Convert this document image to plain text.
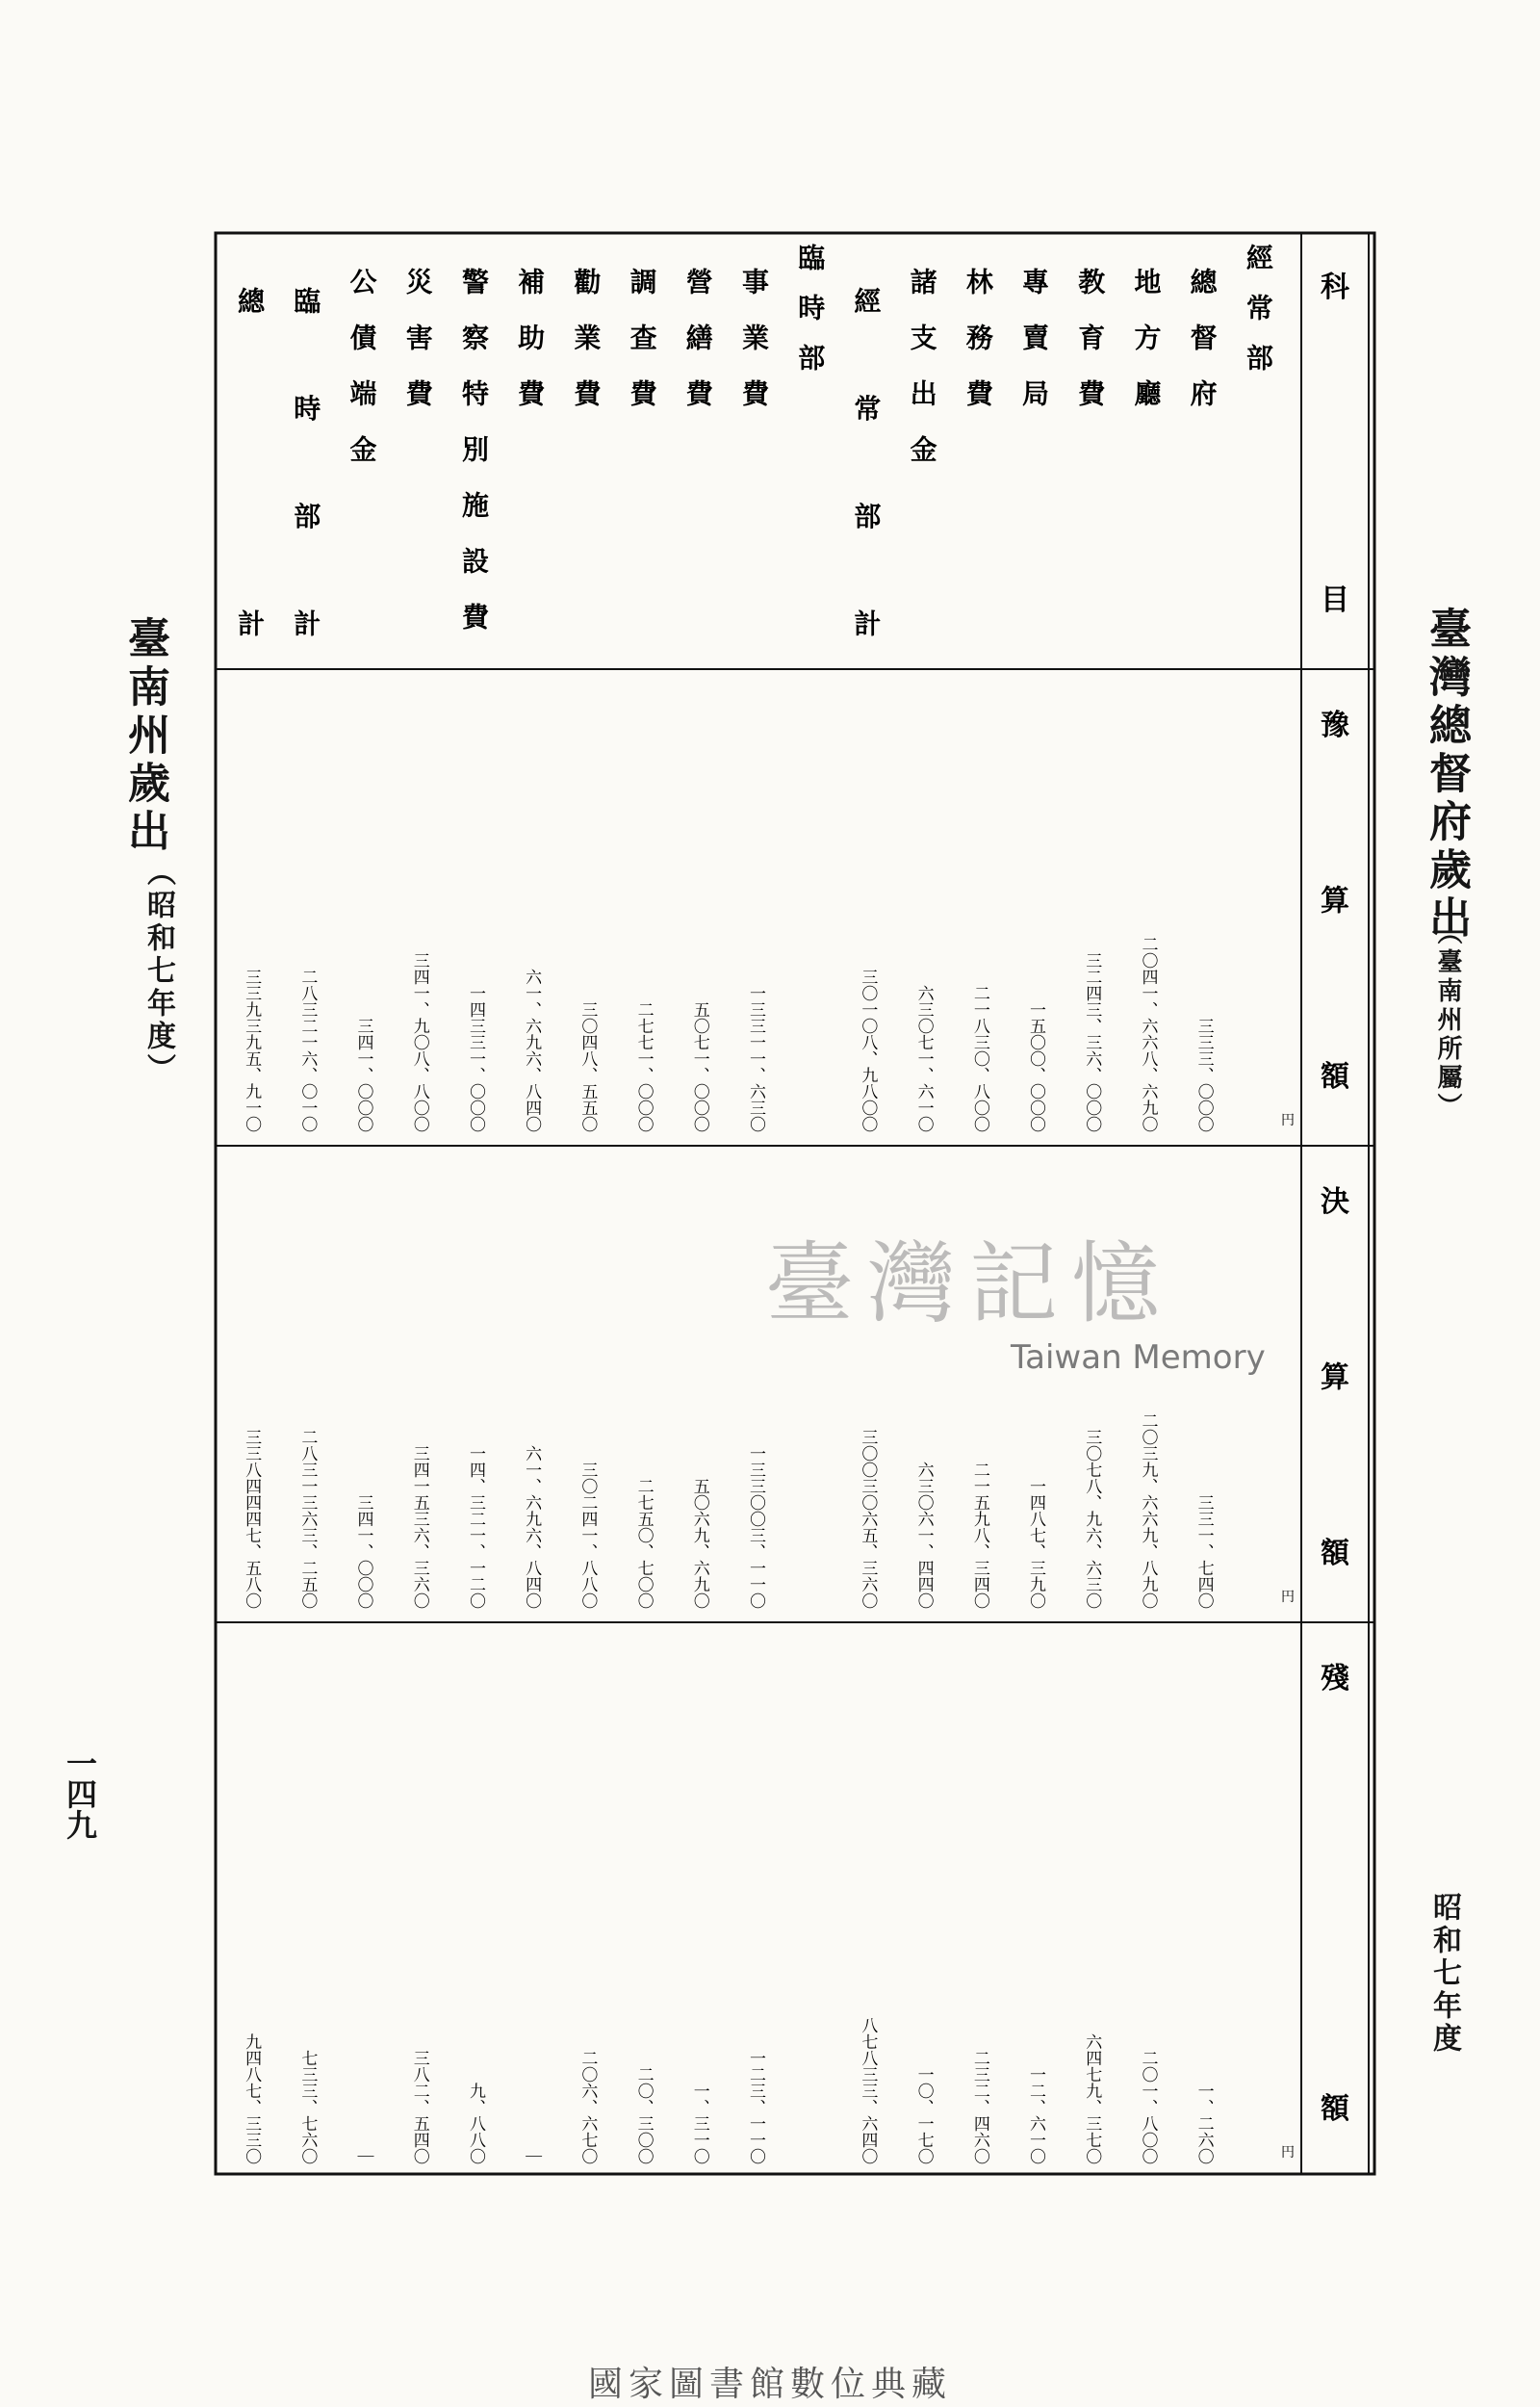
臺南州歲出
（昭和七年度）
一四九
臺灣總督府歲出
（臺南州所屬）
昭和七年度
科
目
豫
算
額
円
決
算
額
円
殘
額
円
經
常
部
總
督
府
三三三、〇〇〇
三三一、七四〇
一、二六〇
地
方
廳
二〇四一、六六八、六九〇
二〇三九、六六九、八九〇
二〇一、八〇〇
教
育
費
三二四三、三六、〇〇〇
三〇七八、九六、六三〇
六四七九、三七〇
專
賣
局
一五〇〇、〇〇〇
一四八七、三九〇
一二、六一〇
林
務
費
二一八三〇、八〇〇
二一五九八、三四〇
二三二、四六〇
諸
支
出
金
六三〇七一、六一〇
六三〇六一、四四〇
一〇、一七〇
經
常
部
計
三〇一〇八、九八〇〇
三〇〇三〇六五、三六〇
八七八三三、六四〇
臨
時
部
事
業
費
一三三一一、六三〇
一三三〇〇三、一一〇
一二三、一一〇
營
繕
費
五〇七一、〇〇〇
五〇六九、六九〇
一、三一〇
調
查
費
二七七一、〇〇〇
二七五〇、七〇〇
二〇、三〇〇
勸
業
費
三〇四八、五五〇
三〇二四一、八八〇
二〇六、六七〇
補
助
費
六一、六九六、八四〇
六一、六九六、八四〇
｜
警
察
特
別
施
設
費
一四三三一、〇〇〇
一四、三二一、一二〇
九、八八〇
災
害
費
三四一、九〇八、八〇〇
三四一五三六、三六〇
三八二、五四〇
公
債
端
金
三四一、〇〇〇
三四一、〇〇〇
｜
臨
時
部
計
二八三二一六、〇一〇
二八三一三六三、二五〇
七三三、七六〇
總
計
三三九三九五、九一〇
三三八四四四七、五八〇
九四八七、三三〇
臺灣記憶
Taiwan Memory
國家圖書館數位典藏
